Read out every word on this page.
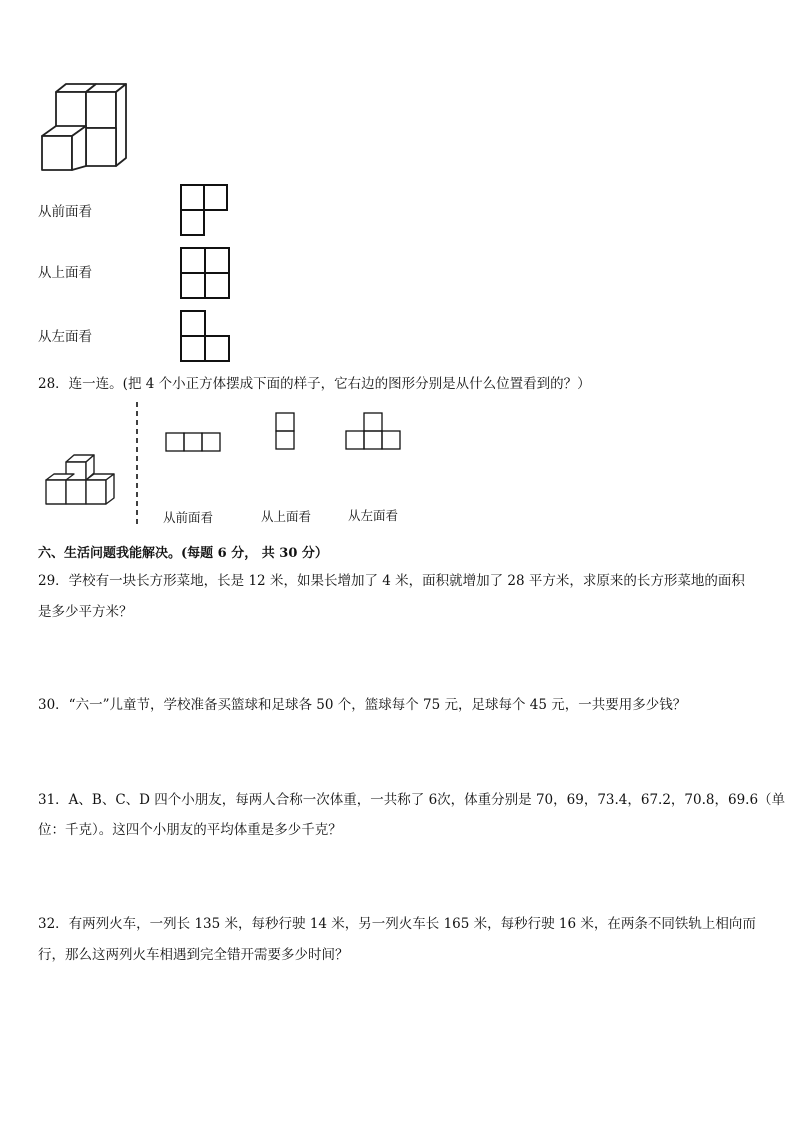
从前面看
从上面看
从左面看
28．连一连。(把 4 个小正方体摆成下面的样子，它右边的图形分别是从什么位置看到的？）
从前面看	从上面看	从左面看
六、生活问题我能解决。(每题 6 分， 共 30 分）
29．学校有一块长方形菜地，长是 12 米，如果长增加了 4 米，面积就增加了 28 平方米，求原来的长方形菜地的面积
是多少平方米？
30．“六一”儿童节，学校准备买篮球和足球各 50 个，篮球每个 75 元，足球每个 45 元，一共要用多少钱？
31．A、B、C、D 四个小朋友，每两人合称一次体重，一共称了 6次，体重分别是 70，69，73.4，67.2，70.8，69.6（单
位：千克）。这四个小朋友的平均体重是多少千克？
32．有两列火车，一列长 135 米，每秒行驶 14 米，另一列火车长 165 米，每秒行驶 16 米，在两条不同铁轨上相向而
行，那么这两列火车相遇到完全错开需要多少时间？
